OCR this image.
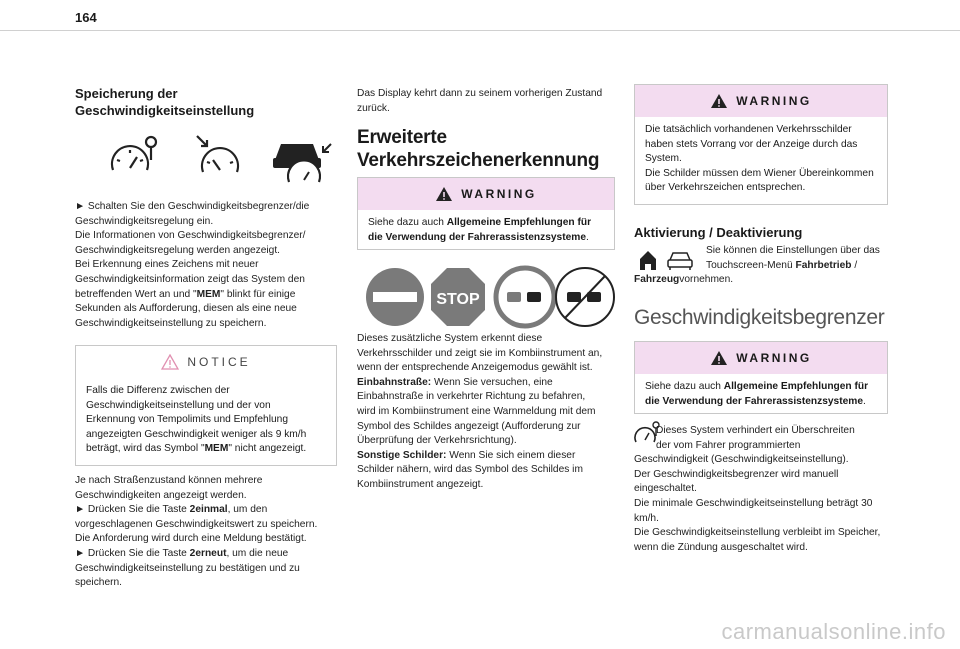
164
Speicherung der
Geschwindigkeitseinstellung
► Schalten Sie den Geschwindigkeitsbegrenzer/die
Geschwindigkeitsregelung ein.
Die Informationen von Geschwindigkeitsbegrenzer/
Geschwindigkeitsregelung werden angezeigt.
Bei Erkennung eines Zeichens mit neuer
Geschwindigkeitsinformation zeigt das System den
betreffenden Wert an und "MEM" blinkt für einige
Sekunden als Aufforderung, diesen als eine neue
Geschwindigkeitseinstellung zu speichern.
NOTICE
Falls die Differenz zwischen der
Geschwindigkeitseinstellung und der von
Erkennung von Tempolimits und Empfehlung
angezeigten Geschwindigkeit weniger als 9 km/h
beträgt, wird das Symbol "MEM" nicht angezeigt.
Je nach Straßenzustand können mehrere
Geschwindigkeiten angezeigt werden.
► Drücken Sie die Taste 2einmal, um den
vorgeschlagenen Geschwindigkeitswert zu speichern.
Die Anforderung wird durch eine Meldung bestätigt.
► Drücken Sie die Taste 2erneut, um die neue
Geschwindigkeitseinstellung zu bestätigen und zu
speichern.
Das Display kehrt dann zu seinem vorherigen Zustand
zurück.
Erweiterte
Verkehrszeichenerkennung
WARNING
Siehe dazu auch Allgemeine Empfehlungen für
die Verwendung der Fahrerassistenzsysteme.
STOP
Dieses zusätzliche System erkennt diese
Verkehrsschilder und zeigt sie im Kombiinstrument an,
wenn der entsprechende Anzeigemodus gewählt ist.
Einbahnstraße: Wenn Sie versuchen, eine
Einbahnstraße in verkehrter Richtung zu befahren,
wird im Kombiinstrument eine Warnmeldung mit dem
Symbol des Schildes angezeigt (Aufforderung zur
Überprüfung der Verkehrsrichtung).
Sonstige Schilder: Wenn Sie sich einem dieser
Schilder nähern, wird das Symbol des Schildes im
Kombiinstrument angezeigt.
WARNING
Die tatsächlich vorhandenen Verkehrsschilder
haben stets Vorrang vor der Anzeige durch das
System.
Die Schilder müssen dem Wiener Übereinkommen
über Verkehrszeichen entsprechen.
Aktivierung / Deaktivierung
Sie können die Einstellungen über das
Touchscreen-Menü Fahrbetrieb /
Fahrzeugvornehmen.
Geschwindigkeitsbegrenzer
WARNING
Siehe dazu auch Allgemeine Empfehlungen für
die Verwendung der Fahrerassistenzsysteme.
Dieses System verhindert ein Überschreiten
der vom Fahrer programmierten
Geschwindigkeit (Geschwindigkeitseinstellung).
Der Geschwindigkeitsbegrenzer wird manuell
eingeschaltet.
Die minimale Geschwindigkeitseinstellung beträgt 30
km/h.
Die Geschwindigkeitseinstellung verbleibt im Speicher,
wenn die Zündung ausgeschaltet wird.
carmanualsonline.info
